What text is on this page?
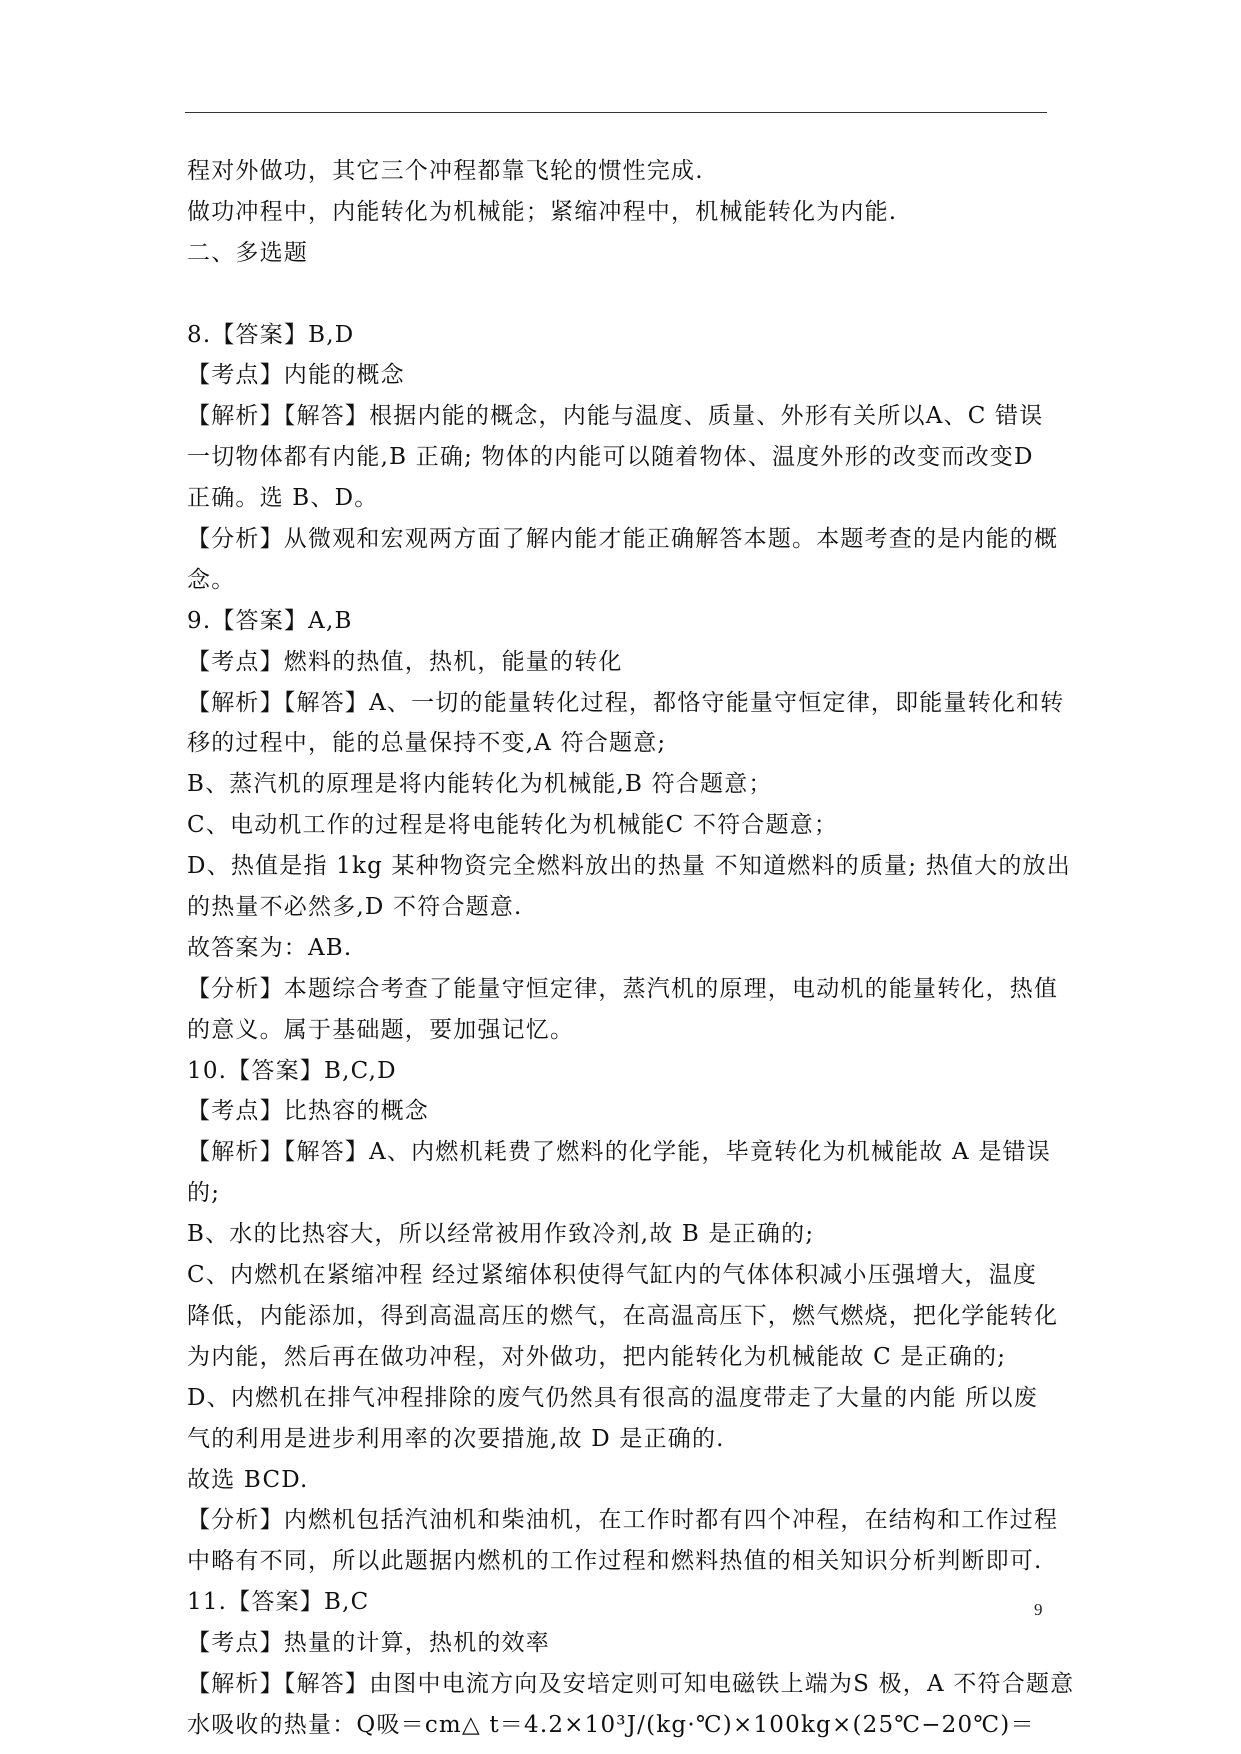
程对外做功，其它三个冲程都靠飞轮的惯性完成.
做功冲程中，内能转化为机械能；紧缩冲程中，机械能转化为内能.
二、多选题
8.【答案】B,D
【考点】内能的概念
【解析】【解答】根据内能的概念，内能与温度、质量、外形有关所以A、C 错误
一切物体都有内能,B 正确; 物体的内能可以随着物体、温度外形的改变而改变D
正确。选 B、D。
【分析】从微观和宏观两方面了解内能才能正确解答本题。本题考查的是内能的概
念。
9.【答案】A,B
【考点】燃料的热值，热机，能量的转化
【解析】【解答】A、一切的能量转化过程，都恪守能量守恒定律，即能量转化和转
移的过程中，能的总量保持不变,A 符合题意;
B、蒸汽机的原理是将内能转化为机械能,B 符合题意；
C、电动机工作的过程是将电能转化为机械能C 不符合题意；
D、热值是指 1kg 某种物资完全燃料放出的热量 不知道燃料的质量; 热值大的放出
的热量不必然多,D 不符合题意.
故答案为：AB.
【分析】本题综合考查了能量守恒定律，蒸汽机的原理，电动机的能量转化，热值
的意义。属于基础题，要加强记忆。
10.【答案】B,C,D
【考点】比热容的概念
【解析】【解答】A、内燃机耗费了燃料的化学能，毕竟转化为机械能故 A 是错误
的;
B、水的比热容大，所以经常被用作致冷剂,故 B 是正确的;
C、内燃机在紧缩冲程 经过紧缩体积使得气缸内的气体体积减小压强增大，温度
降低，内能添加，得到高温高压的燃气，在高温高压下，燃气燃烧，把化学能转化
为内能，然后再在做功冲程，对外做功，把内能转化为机械能故 C 是正确的;
D、内燃机在排气冲程排除的废气仍然具有很高的温度带走了大量的内能 所以废
气的利用是进步利用率的次要措施,故 D 是正确的.
故选 BCD.
【分析】内燃机包括汽油机和柴油机，在工作时都有四个冲程，在结构和工作过程
中略有不同，所以此题据内燃机的工作过程和燃料热值的相关知识分析判断即可.
11.【答案】B,C
【考点】热量的计算，热机的效率
【解析】【解答】由图中电流方向及安培定则可知电磁铁上端为S 极，A 不符合题意
水吸收的热量：Q吸＝cm△ t＝4.2×10³J/(kg·℃)×100kg×(25℃−20℃)＝
9
